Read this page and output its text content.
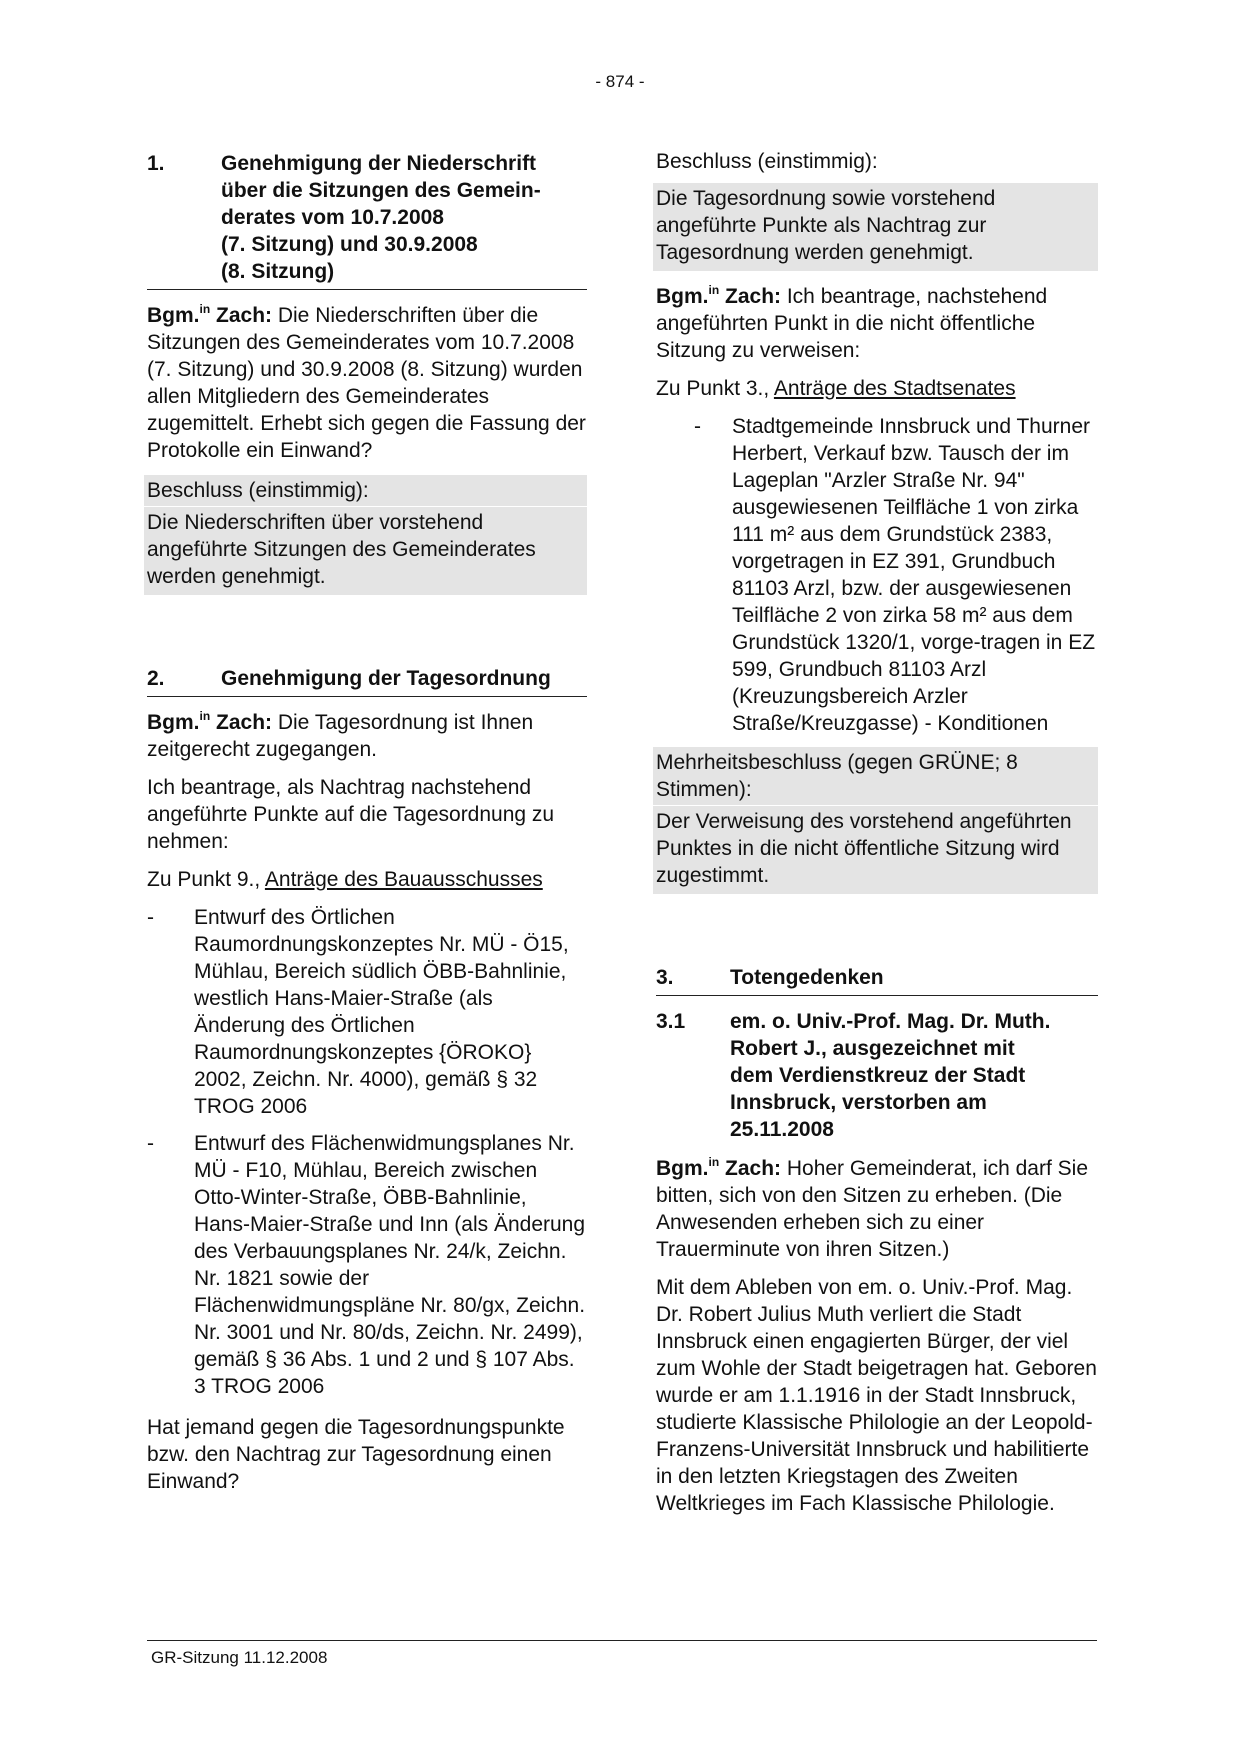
- 874 -
1.	Genehmigung der Niederschrift
über die Sitzungen des Gemein-
derates vom 10.7.2008
(7. Sitzung) und 30.9.2008
(8. Sitzung)

Bgm.$^{in}$ Zach: Die Niederschriften über die Sitzungen des Gemeinderates vom 10.7.2008 (7. Sitzung) und 30.9.2008 (8. Sitzung) wurden allen Mitgliedern des Gemeinderates zugemittelt. Erhebt sich gegen die Fassung der Protokolle ein Einwand?

Beschluss (einstimmig):
Die Niederschriften über vorstehend angeführte Sitzungen des Gemeinderates werden genehmigt.
2.	Genehmigung der Tagesordnung

Bgm.$^{in}$ Zach: Die Tagesordnung ist Ihnen zeitgerecht zugegangen.

Ich beantrage, als Nachtrag nachstehend angeführte Punkte auf die Tagesordnung zu nehmen:

Zu Punkt 9., Anträge des Bauausschusses

-	Entwurf des Örtlichen Raumordnungskonzeptes Nr. MÜ - Ö15, Mühlau, Bereich südlich ÖBB-Bahnlinie, westlich Hans-Maier-Straße (als Änderung des Örtlichen Raumordnungskonzeptes {ÖROKO} 2002, Zeichn. Nr. 4000), gemäß § 32 TROG 2006
-	Entwurf des Flächenwidmungsplanes Nr. MÜ - F10, Mühlau, Bereich zwischen Otto-Winter-Straße, ÖBB-Bahnlinie, Hans-Maier-Straße und Inn (als Änderung des Verbauungsplanes Nr. 24/k, Zeichn. Nr. 1821 sowie der Flächenwidmungspläne Nr. 80/gx, Zeichn. Nr. 3001 und Nr. 80/ds, Zeichn. Nr. 2499), gemäß § 36 Abs. 1 und 2 und § 107 Abs. 3 TROG 2006

Hat jemand gegen die Tagesordnungspunkte bzw. den Nachtrag zur Tagesordnung einen Einwand?

Beschluss (einstimmig):

Die Tagesordnung sowie vorstehend angeführte Punkte als Nachtrag zur Tagesordnung werden genehmigt.

Bgm.$^{in}$ Zach: Ich beantrage, nachstehend angeführten Punkt in die nicht öffentliche Sitzung zu verweisen:

Zu Punkt 3., Anträge des Stadtsenates

-	Stadtgemeinde Innsbruck und Thurner Herbert, Verkauf bzw. Tausch der im Lageplan "Arzler Straße Nr. 94" ausgewiesenen Teilfläche 1 von zirka 111 m² aus dem Grundstück 2383, vorgetragen in EZ 391, Grundbuch 81103 Arzl, bzw. der ausgewiesenen Teilfläche 2 von zirka 58 m² aus dem Grundstück 1320/1, vorge-tragen in EZ 599, Grundbuch 81103 Arzl (Kreuzungsbereich Arzler Straße/Kreuzgasse) - Konditionen
Mehrheitsbeschluss (gegen GRÜNE; 8 Stimmen):
Der Verweisung des vorstehend angeführten Punktes in die nicht öffentliche Sitzung wird zugestimmt.
3.	Totengedenken
3.1	em. o. Univ.-Prof. Mag. Dr. Muth.
Robert J., ausgezeichnet mit
dem Verdienstkreuz der Stadt
Innsbruck, verstorben am
25.11.2008

Bgm.$^{in}$ Zach: Hoher Gemeinderat, ich darf Sie bitten, sich von den Sitzen zu erheben. (Die Anwesenden erheben sich zu einer Trauerminute von ihren Sitzen.)

Mit dem Ableben von em. o. Univ.-Prof. Mag. Dr. Robert Julius Muth verliert die Stadt Innsbruck einen engagierten Bürger, der viel zum Wohle der Stadt beigetragen hat. Geboren wurde er am 1.1.1916 in der Stadt Innsbruck, studierte Klassische Philologie an der Leopold-Franzens-Universität Innsbruck und habilitierte in den letzten Kriegstagen des Zweiten Weltkrieges im Fach Klassische Philologie.

GR-Sitzung 11.12.2008
